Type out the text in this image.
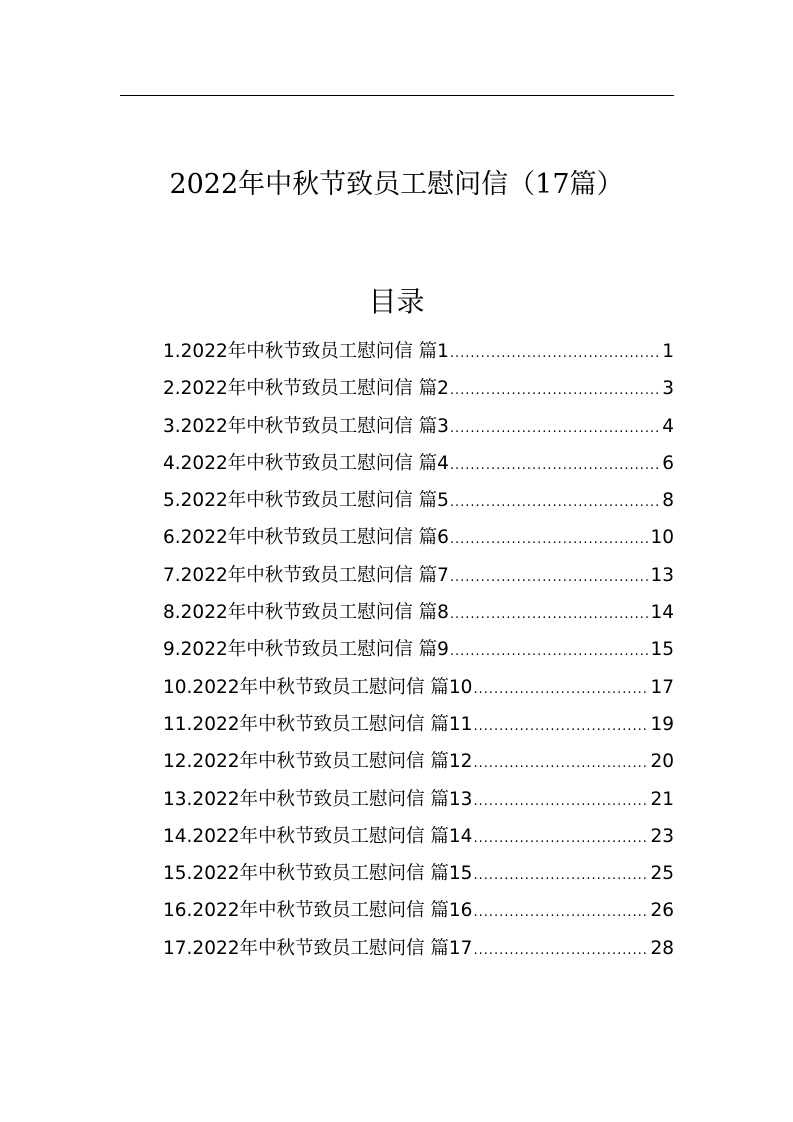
2022年中秋节致员工慰问信（17篇）
目录
1.2022年中秋节致员工慰问信 篇1 .....	1
2.2022年中秋节致员工慰问信 篇2 .....	3
3.2022年中秋节致员工慰问信 篇3 .....	4
4.2022年中秋节致员工慰问信 篇4 .....	6
5.2022年中秋节致员工慰问信 篇5 .....	8
6.2022年中秋节致员工慰问信 篇6 .....	10
7.2022年中秋节致员工慰问信 篇7 .....	13
8.2022年中秋节致员工慰问信 篇8 .....	14
9.2022年中秋节致员工慰问信 篇9 .....	15
10.2022年中秋节致员工慰问信 篇10 .....	17
11.2022年中秋节致员工慰问信 篇11 .....	19
12.2022年中秋节致员工慰问信 篇12 .....	20
13.2022年中秋节致员工慰问信 篇13 .....	21
14.2022年中秋节致员工慰问信 篇14 .....	23
15.2022年中秋节致员工慰问信 篇15 .....	25
16.2022年中秋节致员工慰问信 篇16 .....	26
17.2022年中秋节致员工慰问信 篇17 .....	28
